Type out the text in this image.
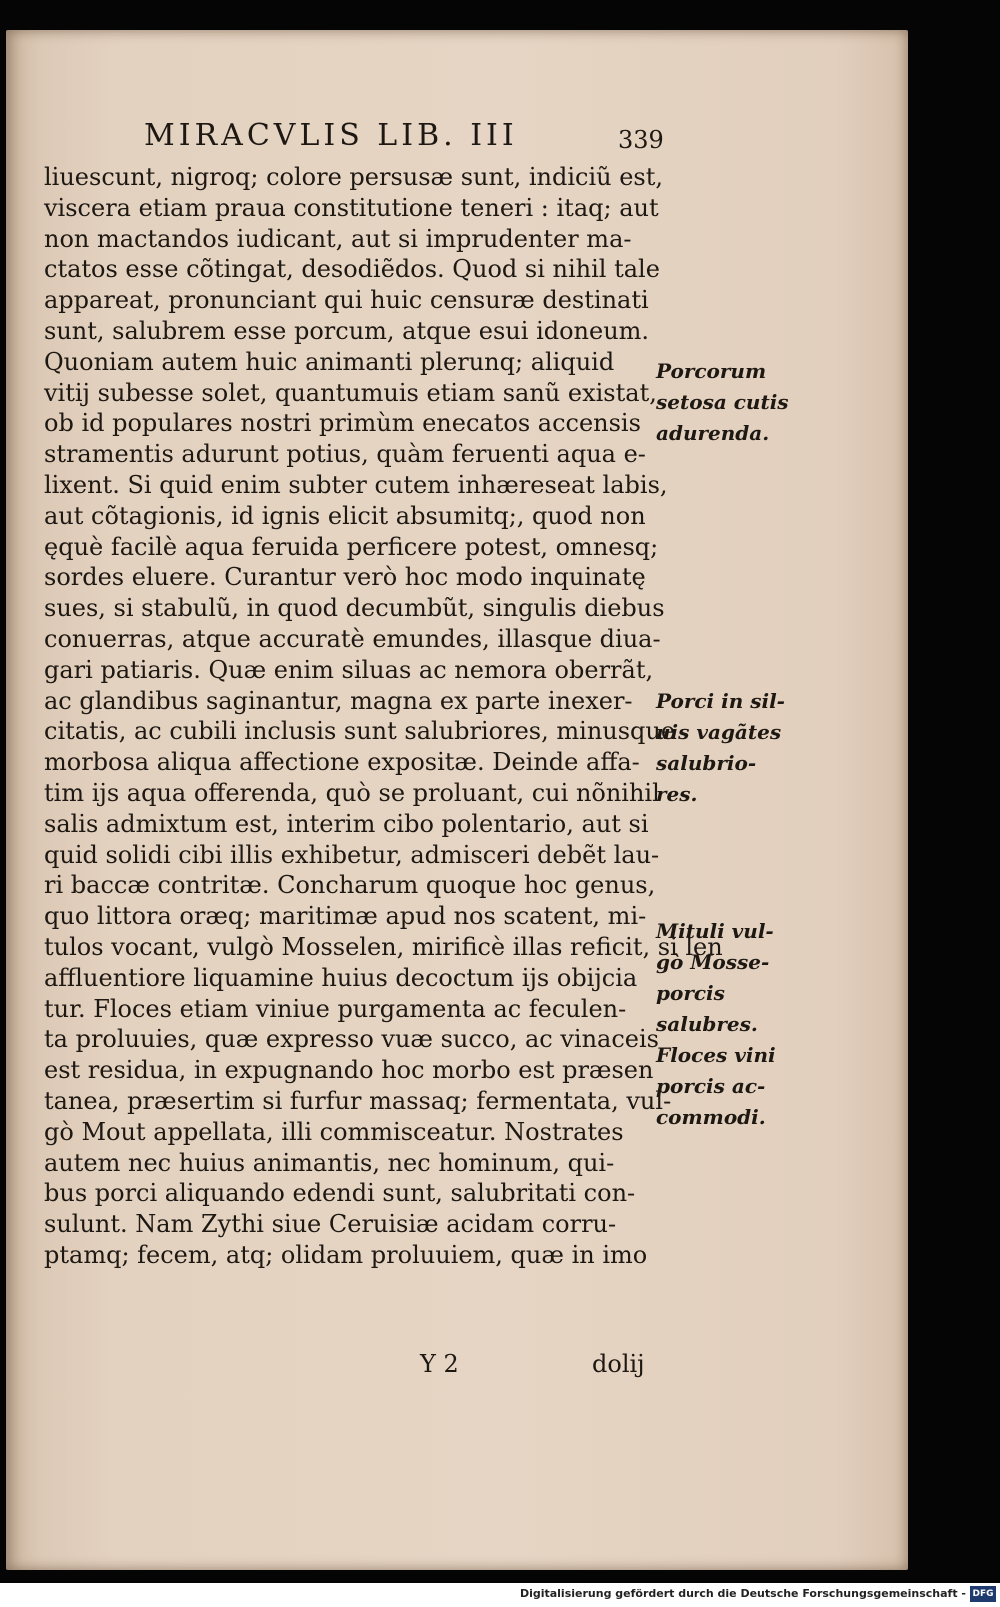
MIRACVLIS LIB. III	339
liuescunt, nigroq; colore persusæ sunt, indiciũ est,
viscera etiam praua constitutione teneri : itaq; aut
non mactandos iudicant, aut si imprudenter ma-
ctatos esse cõtingat, desodiẽdos. Quod si nihil tale
appareat, pronunciant qui huic censuræ destinati
sunt, salubrem esse porcum, atque esui idoneum.
Quoniam autem huic animanti plerunq; aliquid
vitij subesse solet, quantumuis etiam sanũ existat,
ob id populares nostri primùm enecatos accensis
stramentis adurunt potius, quàm feruenti aqua e-
lixent. Si quid enim subter cutem inhæreseat labis,
aut cõtagionis, id ignis elicit absumitq;, quod non
ęquè facilè aqua feruida perficere potest, omnesq;
sordes eluere. Curantur verò hoc modo inquinatę
sues, si stabulũ, in quod decumbũt, singulis diebus
conuerras, atque accuratè emundes, illasque diua-
gari patiaris. Quæ enim siluas ac nemora oberrãt,
ac glandibus saginantur, magna ex parte inexer-
citatis, ac cubili inclusis sunt salubriores, minusque
morbosa aliqua affectione expositæ. Deinde affa-
tim ijs aqua offerenda, quò se proluant, cui nõnihil
salis admixtum est, interim cibo polentario, aut si
quid solidi cibi illis exhibetur, admisceri debẽt lau-
ri baccæ contritæ. Concharum quoque hoc genus,
quo littora oræq; maritimæ apud nos scatent, mi-
tulos vocant, vulgò Mosselen, mirificè illas reficit, si len
affluentiore liquamine huius decoctum ijs obijcia
tur. Floces etiam viniue purgamenta ac feculen-
ta proluuies, quæ expresso vuæ succo, ac vinaceis
est residua, in expugnando hoc morbo est præsen
tanea, præsertim si furfur massaq; fermentata, vul-
gò Mout appellata, illi commisceatur. Nostrates
autem nec huius animantis, nec hominum, qui-
bus porci aliquando edendi sunt, salubritati con-
sulunt. Nam Zythi siue Ceruisiæ acidam corru-
ptamq; fecem, atq; olidam proluuiem, quæ in imo
Porcorum
setosa cutis
adurenda.
Porci in sil-
uis vagãtes
salubrio-
res.
Mituli vul-
gò Mosse-
porcis
salubres.
Floces vini
porcis ac-
commodi.
Y 2	dolij
Digitalisierung gefördert durch die Deutsche Forschungsgemeinschaft - DFG
